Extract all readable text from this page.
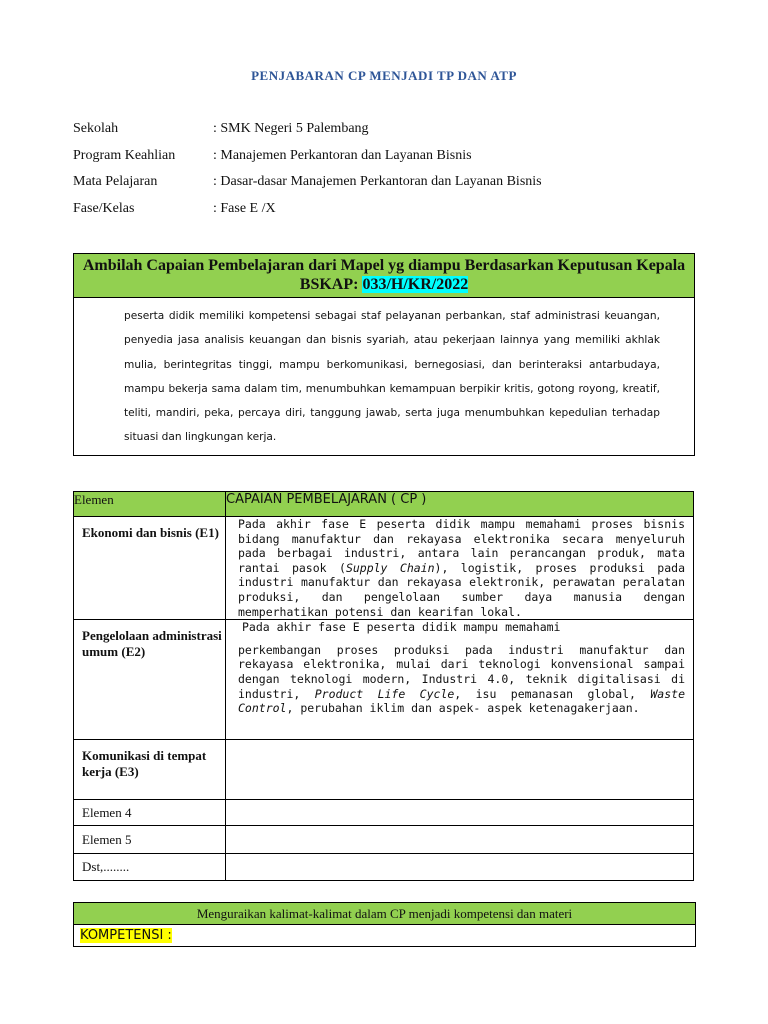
PENJABARAN CP MENJADI TP DAN ATP
Sekolah	: SMK Negeri 5 Palembang
Program Keahlian	: Manajemen Perkantoran dan Layanan Bisnis
Mata Pelajaran	: Dasar-dasar Manajemen Perkantoran dan Layanan Bisnis
Fase/Kelas	: Fase E /X
Ambilah Capaian Pembelajaran dari Mapel yg diampu Berdasarkan Keputusan Kepala BSKAP: 033/H/KR/2022
peserta didik memiliki kompetensi sebagai staf pelayanan perbankan, staf administrasi keuangan, penyedia jasa analisis keuangan dan bisnis syariah, atau pekerjaan lainnya yang memiliki akhlak mulia, berintegritas tinggi, mampu berkomunikasi, bernegosiasi, dan berinteraksi antarbudaya, mampu bekerja sama dalam tim, menumbuhkan kemampuan berpikir kritis, gotong royong, kreatif, teliti, mandiri, peka, percaya diri, tanggung jawab, serta juga menumbuhkan kepedulian terhadap situasi dan lingkungan kerja.
Elemen	CAPAIAN PEMBELAJARAN ( CP )
Ekonomi dan bisnis (E1)	Pada akhir fase E peserta didik mampu memahami proses bisnis bidang manufaktur dan rekayasa elektronika secara menyeluruh pada berbagai industri, antara lain perancangan produk, mata rantai pasok (Supply Chain), logistik, proses produksi pada industri manufaktur dan rekayasa elektronik, perawatan peralatan produksi, dan pengelolaan sumber daya manusia dengan memperhatikan potensi dan kearifan lokal.
Pengelolaan administrasi umum (E2)	Pada akhir fase E peserta didik mampu memahami
perkembangan proses produksi pada industri manufaktur dan rekayasa elektronika, mulai dari teknologi konvensional sampai dengan teknologi modern, Industri 4.0, teknik digitalisasi di industri, Product Life Cycle, isu pemanasan global, Waste Control, perubahan iklim dan aspek- aspek ketenagakerjaan.
Komunikasi di tempat kerja (E3)	
Elemen 4	
Elemen 5	
Dst,........	
Menguraikan kalimat-kalimat dalam CP menjadi kompetensi dan materi
KOMPETENSI :
